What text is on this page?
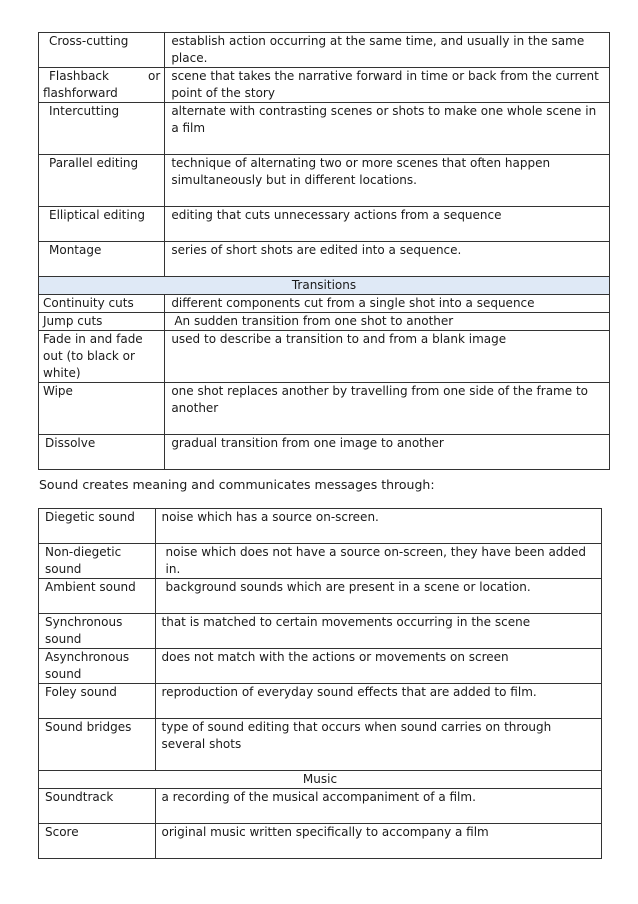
Cross-cutting	establish action occurring at the same time, and usually in the same place.

Flashback or
flashforward	scene that takes the narrative forward in time or back from the current point of the story
Intercutting	alternate with contrasting scenes or shots to make one whole scene in a film
Parallel editing	technique of alternating two or more scenes that often happen simultaneously but in different locations.
Elliptical editing	editing that cuts unnecessary actions from a sequence
Montage	series of short shots are edited into a sequence.
Transitions	
Continuity cuts	different components cut from a single shot into a sequence
Jump cuts	An sudden transition from one shot to another
Fade in and fade out (to black or white)	used to describe a transition to and from a blank image
Wipe	one shot replaces another by travelling from one side of the frame to another
Dissolve	gradual transition from one image to another
Sound creates meaning and communicates messages through:
Diegetic sound	noise which has a source on-screen.
Non-diegetic sound	noise which does not have a source on-screen, they have been added in.
Ambient sound	background sounds which are present in a scene or location.
Synchronous sound	that is matched to certain movements occurring in the scene
Asynchronous sound	does not match with the actions or movements on screen
Foley sound	reproduction of everyday sound effects that are added to film.
Sound bridges	type of sound editing that occurs when sound carries on through several shots
Music	
Soundtrack	a recording of the musical accompaniment of a film.
Score	original music written specifically to accompany a film
